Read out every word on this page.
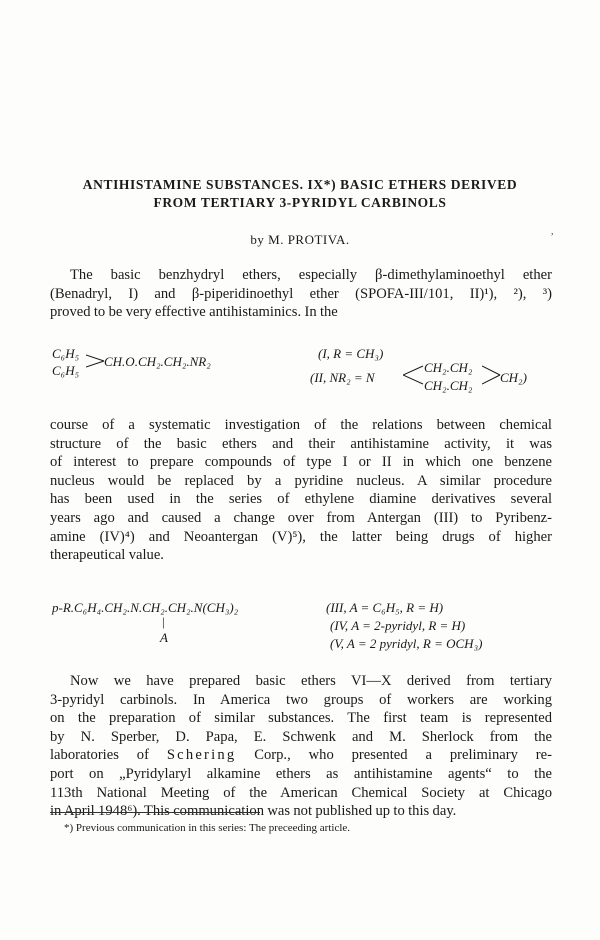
ANTIHISTAMINE SUBSTANCES. IX*) BASIC ETHERS DERIVED
FROM TERTIARY 3-PYRIDYL CARBINOLS
,

by M. PROTIVA.

The basic benzhydryl ethers, especially β-dimethylaminoethyl ether
(Benadryl, I) and β-piperidinoethyl ether (SPOFA-III/101, II)¹), ²), ³)
proved to be very effective antihistaminics. In the

C₆H₅
C₆H₅
CH.O.CH₂.CH₂.NR₂
(I, R = CH₃)
(II, NR₂ = N
CH₂.CH₂
CH₂.CH₂
CH₂)

course of a systematic investigation of the relations between chemical
structure of the basic ethers and their antihistamine activity, it was
of interest to prepare compounds of type I or II in which one benzene
nucleus would be replaced by a pyridine nucleus. A similar procedure
has been used in the series of ethylene diamine derivatives several
years ago and caused a change over from Antergan (III) to Pyribenz-
amine (IV)⁴) and Neoantergan (V)⁵), the latter being drugs of higher
therapeutical value.

p-R.C₆H₄.CH₂.N.CH₂.CH₂.N(CH₃)₂
|
A
(III, A = C₆H₅, R = H)
(IV, A = 2-pyridyl, R = H)
(V, A = 2 pyridyl, R = OCH₃)

Now we have prepared basic ethers VI—X derived from tertiary
3-pyridyl carbinols. In America two groups of workers are working
on the preparation of similar substances. The first team is represented
by N. Sperber, D. Papa, E. Schwenk and M. Sherlock from the
laboratories of Schering Corp., who presented a preliminary re-
port on „Pyridylaryl alkamine ethers as antihistamine agents“ to the
113th National Meeting of the American Chemical Society at Chicago
in April 1948⁶). This communication was not published up to this day.

*) Previous communication in this series: The preceeding article.
